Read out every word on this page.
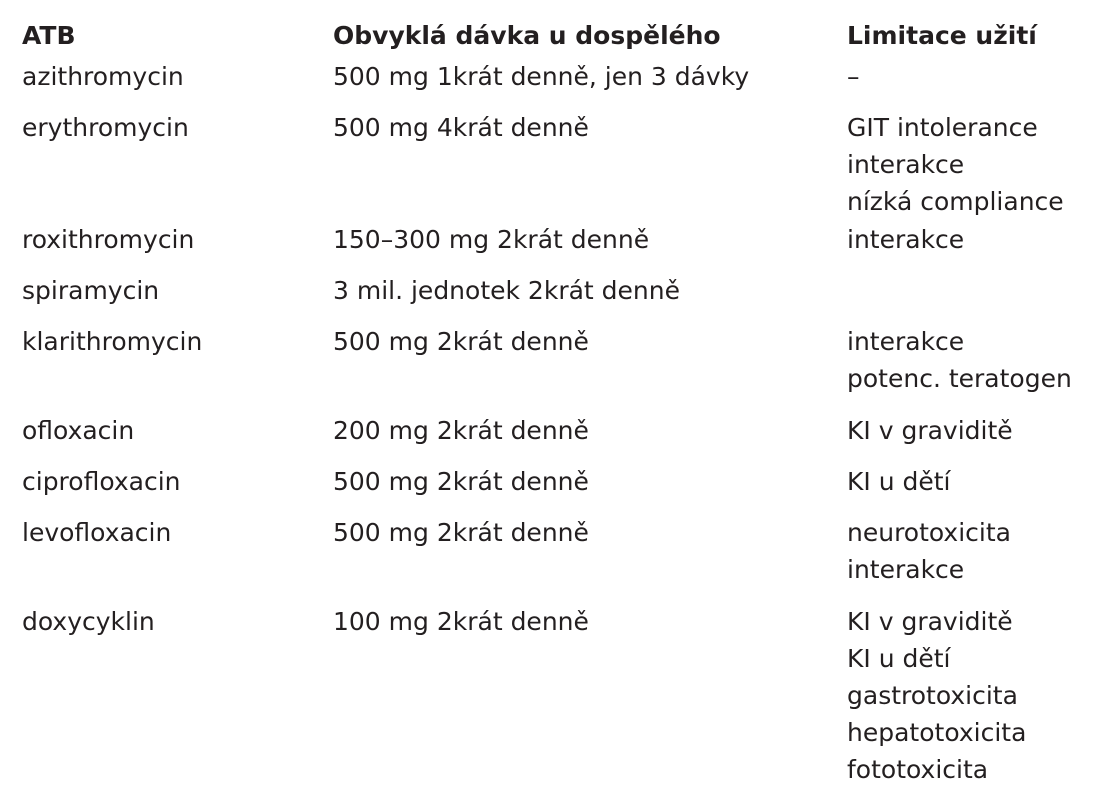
ATB	Obvyklá dávka u dospělého	Limitace užití
azithromycin	500 mg 1krát denně, jen 3 dávky	–
erythromycin	500 mg 4krát denně	GIT intolerance
interakce
nízká compliance
roxithromycin	150–300 mg 2krát denně	interakce
spiramycin	3 mil. jednotek 2krát denně
klarithromycin	500 mg 2krát denně	interakce
potenc. teratogen
ofloxacin	200 mg 2krát denně	KI v graviditě
ciprofloxacin	500 mg 2krát denně	KI u dětí
levofloxacin	500 mg 2krát denně	neurotoxicita
interakce
doxycyklin	100 mg 2krát denně	KI v graviditě
KI u dětí
gastrotoxicita
hepatotoxicita
fototoxicita
